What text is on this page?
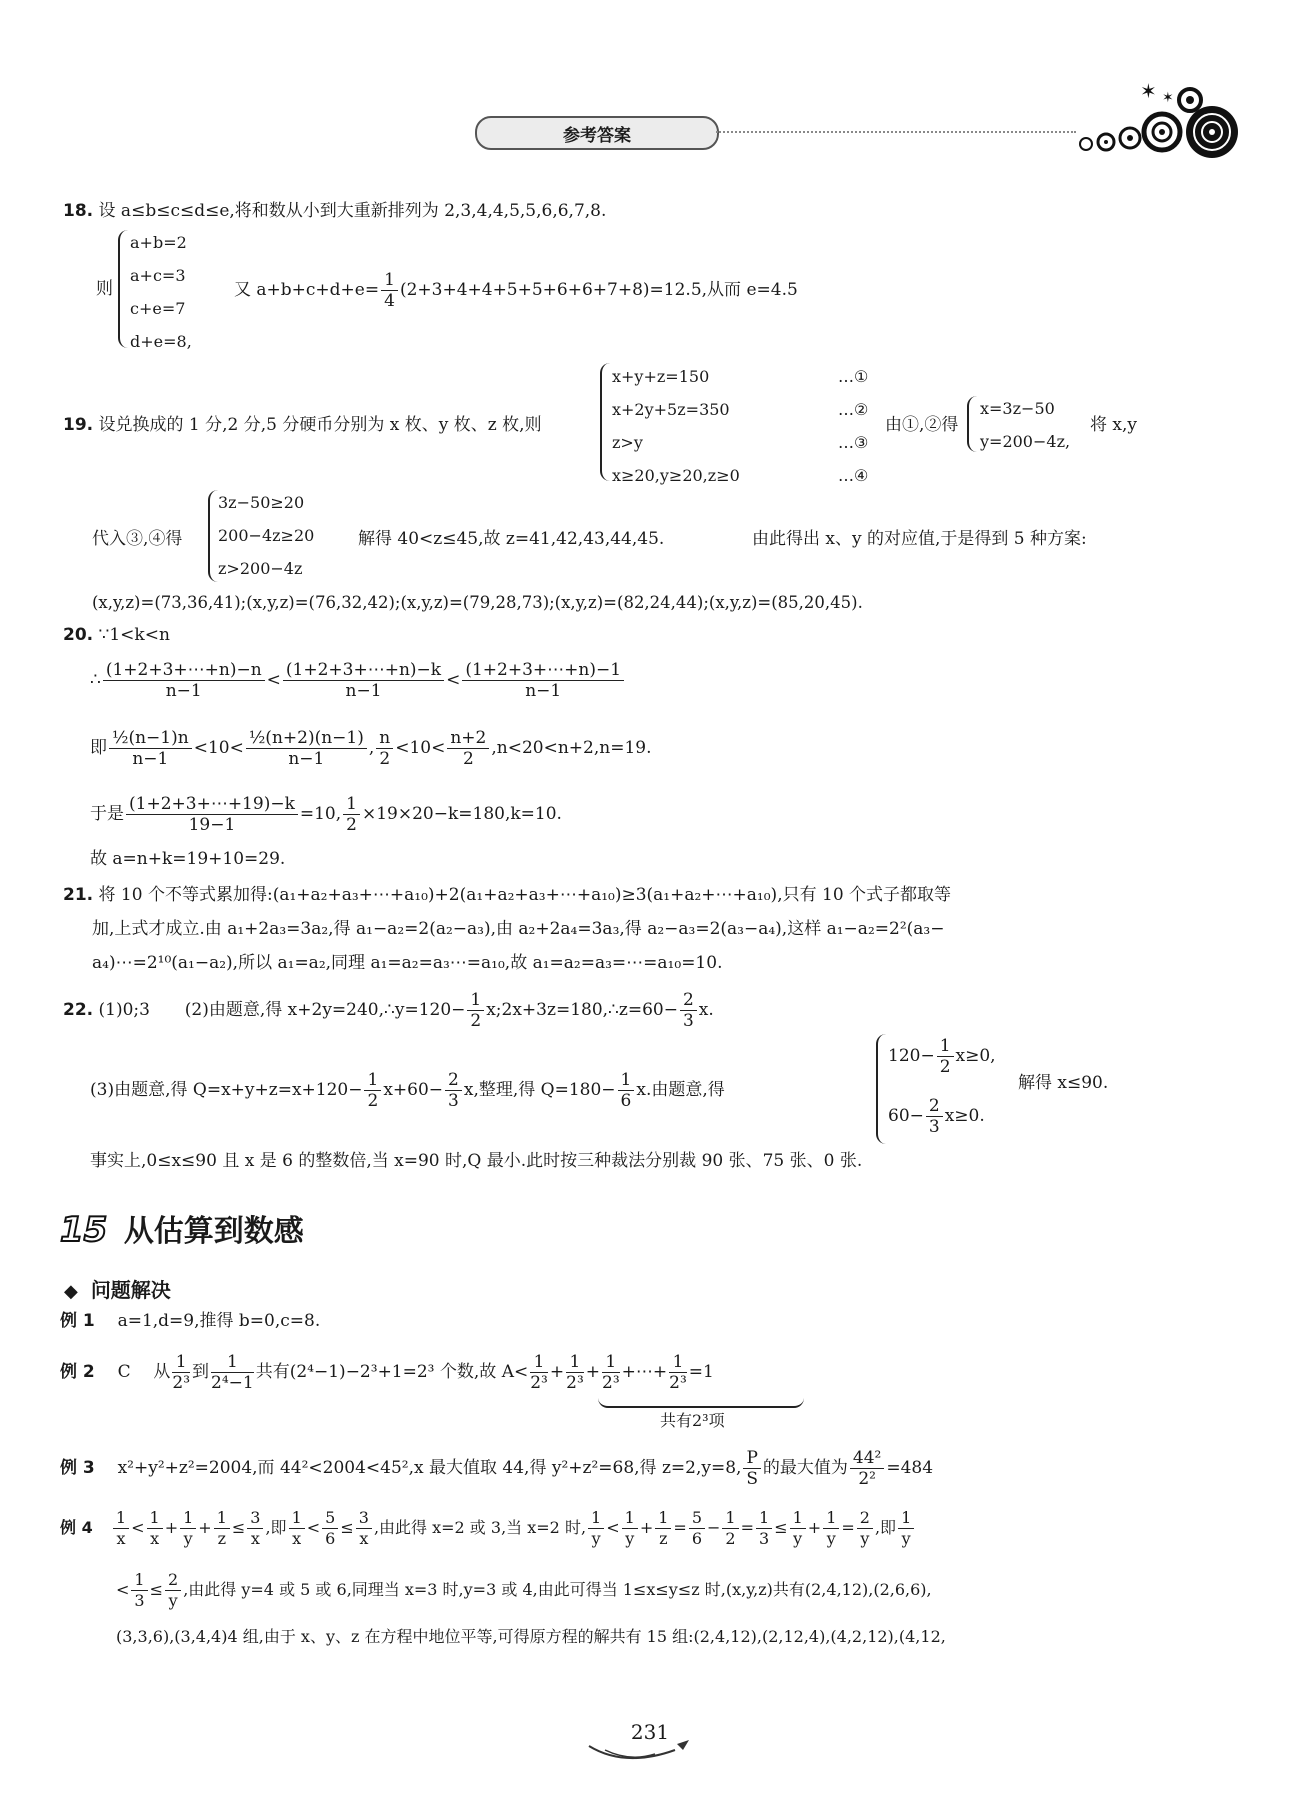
参考答案
✶ ✶
18. 设 a≤b≤c≤d≤e,将和数从小到大重新排列为 2,3,4,4,5,5,6,6,7,8.
则
a+b=2
a+c=3
c+e=7
d+e=8,
又 $a+b+c+d+e= \frac{1}{4} (2+3+4+4+5+5+6+6+7+8)=12.5$,从而 e=4.5
19. 设兑换成的 1 分,2 分,5 分硬币分别为 x 枚、y 枚、z 枚,则
x+y+z=150
x+2y+5z=350
z>y
x≥20,y≥20,z≥0
…①
…②
…③
…④
由①,②得
x=3z−50
y=200−4z,
将 x,y
代入③,④得
3z−50≥20
200−4z≥20
z>200−4z
解得 40<z≤45,故 z=41,42,43,44,45.	由此得出 x、y 的对应值,于是得到 5 种方案:
(x,y,z)=(73,36,41);(x,y,z)=(76,32,42);(x,y,z)=(79,28,73);(x,y,z)=(82,24,44);(x,y,z)=(85,20,45).
20. ∵1<k<n
∴ $\frac{(1+2+3+\cdots+n)-n}{n-1} < \frac{(1+2+3+\cdots+n)-k}{n-1} < \frac{(1+2+3+\cdots+n)-1}{n-1}$
即 $\frac{\text{½(n−1)n}}{n-1} <10< \frac{\text{½(n+2)(n−1)}}{n-1}$ , $\frac{n}{2} <10< \frac{n+2}{2} ,n<20<n+2,n=19$.
于是 $\frac{(1+2+3+\cdots+19)-k}{19-1} =10$, $\frac{1}{2} \times 19\times 20-k=180,k=10$.
故 a=n+k=19+10=29.
21. 将 10 个不等式累加得:(a₁+a₂+a₃+⋯+a₁₀)+2(a₁+a₂+a₃+⋯+a₁₀)≥3(a₁+a₂+⋯+a₁₀),只有 10 个式子都取等
加,上式才成立.由 a₁+2a₃=3a₂,得 a₁−a₂=2(a₂−a₃),由 a₂+2a₄=3a₃,得 a₂−a₃=2(a₃−a₄),这样 a₁−a₂=2²(a₃−
a₄)⋯=2¹⁰(a₁−a₂),所以 a₁=a₂,同理 a₁=a₂=a₃⋯=a₁₀,故 a₁=a₂=a₃=⋯=a₁₀=10.
22. (1)0;3 (2)由题意,得 x+2y=240,∴y=120− $\frac{1}{2}$ x;2x+3z=180,∴z=60− $\frac{2}{3} x$.
(3)由题意,得 $Q=x+y+z=x+120- \frac{1}{2} x+60- \frac{2}{3} x$,整理,得 $Q=180- \frac{1}{6} x$.由题意,得
$120- \frac{1}{2} x\ge 0$,
$60- \frac{2}{3} x\ge 0$.
解得 x≤90.
事实上,0≤x≤90 且 x 是 6 的整数倍,当 x=90 时,Q 最小.此时按三种裁法分别裁 90 张、75 张、0 张.
15 从估算到数感
◆ 问题解决
例 1 a=1,d=9,推得 b=0,c=8.
例 2 C 从 $\frac{1}{\text{2³}}$ 到 $\frac{1}{\text{2⁴−1}}$ 共有(2⁴−1)−2³+1=2³ 个数,故 $A< \frac{1}{\text{2³}} + \frac{1}{\text{2³}} + \frac{1}{\text{2³}}$ +⋯+ $\frac{1}{\text{2³}} =1$
共有2³项
例 3 x²+y²+z²=2004,而 44²<2004<45²,x 最大值取 44,得 y²+z²=68,得 z=2,y=8, $\frac{P}{S}$ 的最大值为 $\frac{\text{44²}}{\text{2²}} =484$
例 $4 \frac{1}{x} < \frac{1}{x} + \frac{1}{y} + \frac{1}{z} \le \frac{3}{x}$ ,即 $\frac{1}{x} < \frac{5}{6} \le \frac{3}{x}$ ,由此得 x=2 或 3,当 x=2 时, $\frac{1}{y} < \frac{1}{y} + \frac{1}{z} = \frac{5}{6} - \frac{1}{2} = \frac{1}{3} \le \frac{1}{y} + \frac{1}{y} = \frac{2}{y}$ ,即 $\frac{1}{y}$
< $\frac{1}{3} \le \frac{2}{y}$ ,由此得 y=4 或 5 或 6,同理当 x=3 时,y=3 或 4,由此可得当 1≤x≤y≤z 时,(x,y,z)共有(2,4,12),(2,6,6),
(3,3,6),(3,4,4)4 组,由于 x、y、z 在方程中地位平等,可得原方程的解共有 15 组:(2,4,12),(2,12,4),(4,2,12),(4,12,
231
